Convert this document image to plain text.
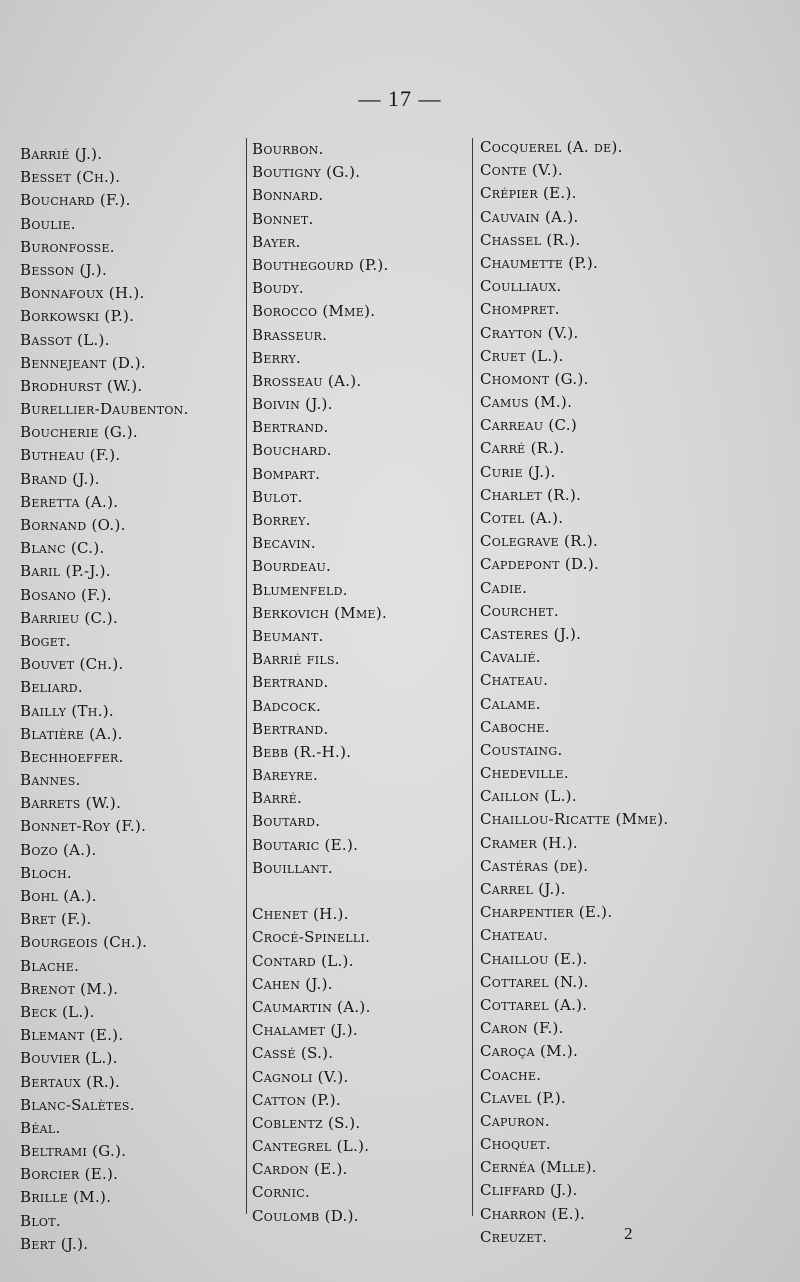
— 17 —
Barrié (J.).
Besset (Ch.).
Bouchard (F.).
Boulie.
Buronfosse.
Besson (J.).
Bonnafoux (H.).
Borkowski (P.).
Bassot (L.).
Bennejeant (D.).
Brodhurst (W.).
Burellier-Daubenton.
Boucherie (G.).
Butheau (F.).
Brand (J.).
Beretta (A.).
Bornand (O.).
Blanc (C.).
Baril (P.-J.).
Bosano (F.).
Barrieu (C.).
Boget.
Bouvet (Ch.).
Beliard.
Bailly (Th.).
Blatière (A.).
Bechhoeffer.
Bannes.
Barrets (W.).
Bonnet-Roy (F.).
Bozo (A.).
Bloch.
Bohl (A.).
Bret (F.).
Bourgeois (Ch.).
Blache.
Brenot (M.).
Beck (L.).
Blemant (E.).
Bouvier (L.).
Bertaux (R.).
Blanc-Salètes.
Béal.
Beltrami (G.).
Borcier (E.).
Brille (M.).
Blot.
Bert (J.).
Bourbon.
Boutigny (G.).
Bonnard.
Bonnet.
Bayer.
Bouthegourd (P.).
Boudy.
Borocco (Mme).
Brasseur.
Berry.
Brosseau (A.).
Boivin (J.).
Bertrand.
Bouchard.
Bompart.
Bulot.
Borrey.
Becavin.
Bourdeau.
Blumenfeld.
Berkovich (Mme).
Beumant.
Barrié fils.
Bertrand.
Badcock.
Bertrand.
Bebb (R.-H.).
Bareyre.
Barré.
Boutard.
Boutaric (E.).
Bouillant.
Chenet (H.).
Crocé-Spinelli.
Contard (L.).
Cahen (J.).
Caumartin (A.).
Chalamet (J.).
Cassé (S.).
Cagnoli (V.).
Catton (P.).
Coblentz (S.).
Cantegrel (L.).
Cardon (E.).
Cornic.
Coulomb (D.).
Cocquerel (A. de).
Conte (V.).
Crépier (E.).
Cauvain (A.).
Chassel (R.).
Chaumette (P.).
Coulliaux.
Chompret.
Crayton (V.).
Cruet (L.).
Chomont (G.).
Camus (M.).
Carreau (C.)
Carré (R.).
Curie (J.).
Charlet (R.).
Cotel (A.).
Colegrave (R.).
Capdepont (D.).
Cadie.
Courchet.
Casteres (J.).
Cavalié.
Chateau.
Calame.
Caboche.
Coustaing.
Chedeville.
Caillon (L.).
Chaillou-Ricatte (Mme).
Cramer (H.).
Castéras (de).
Carrel (J.).
Charpentier (E.).
Chateau.
Chaillou (E.).
Cottarel (N.).
Cottarel (A.).
Caron (F.).
Caroça (M.).
Coache.
Clavel (P.).
Capuron.
Choquet.
Cernéa (Mlle).
Cliffard (J.).
Charron (E.).
Creuzet.	2
